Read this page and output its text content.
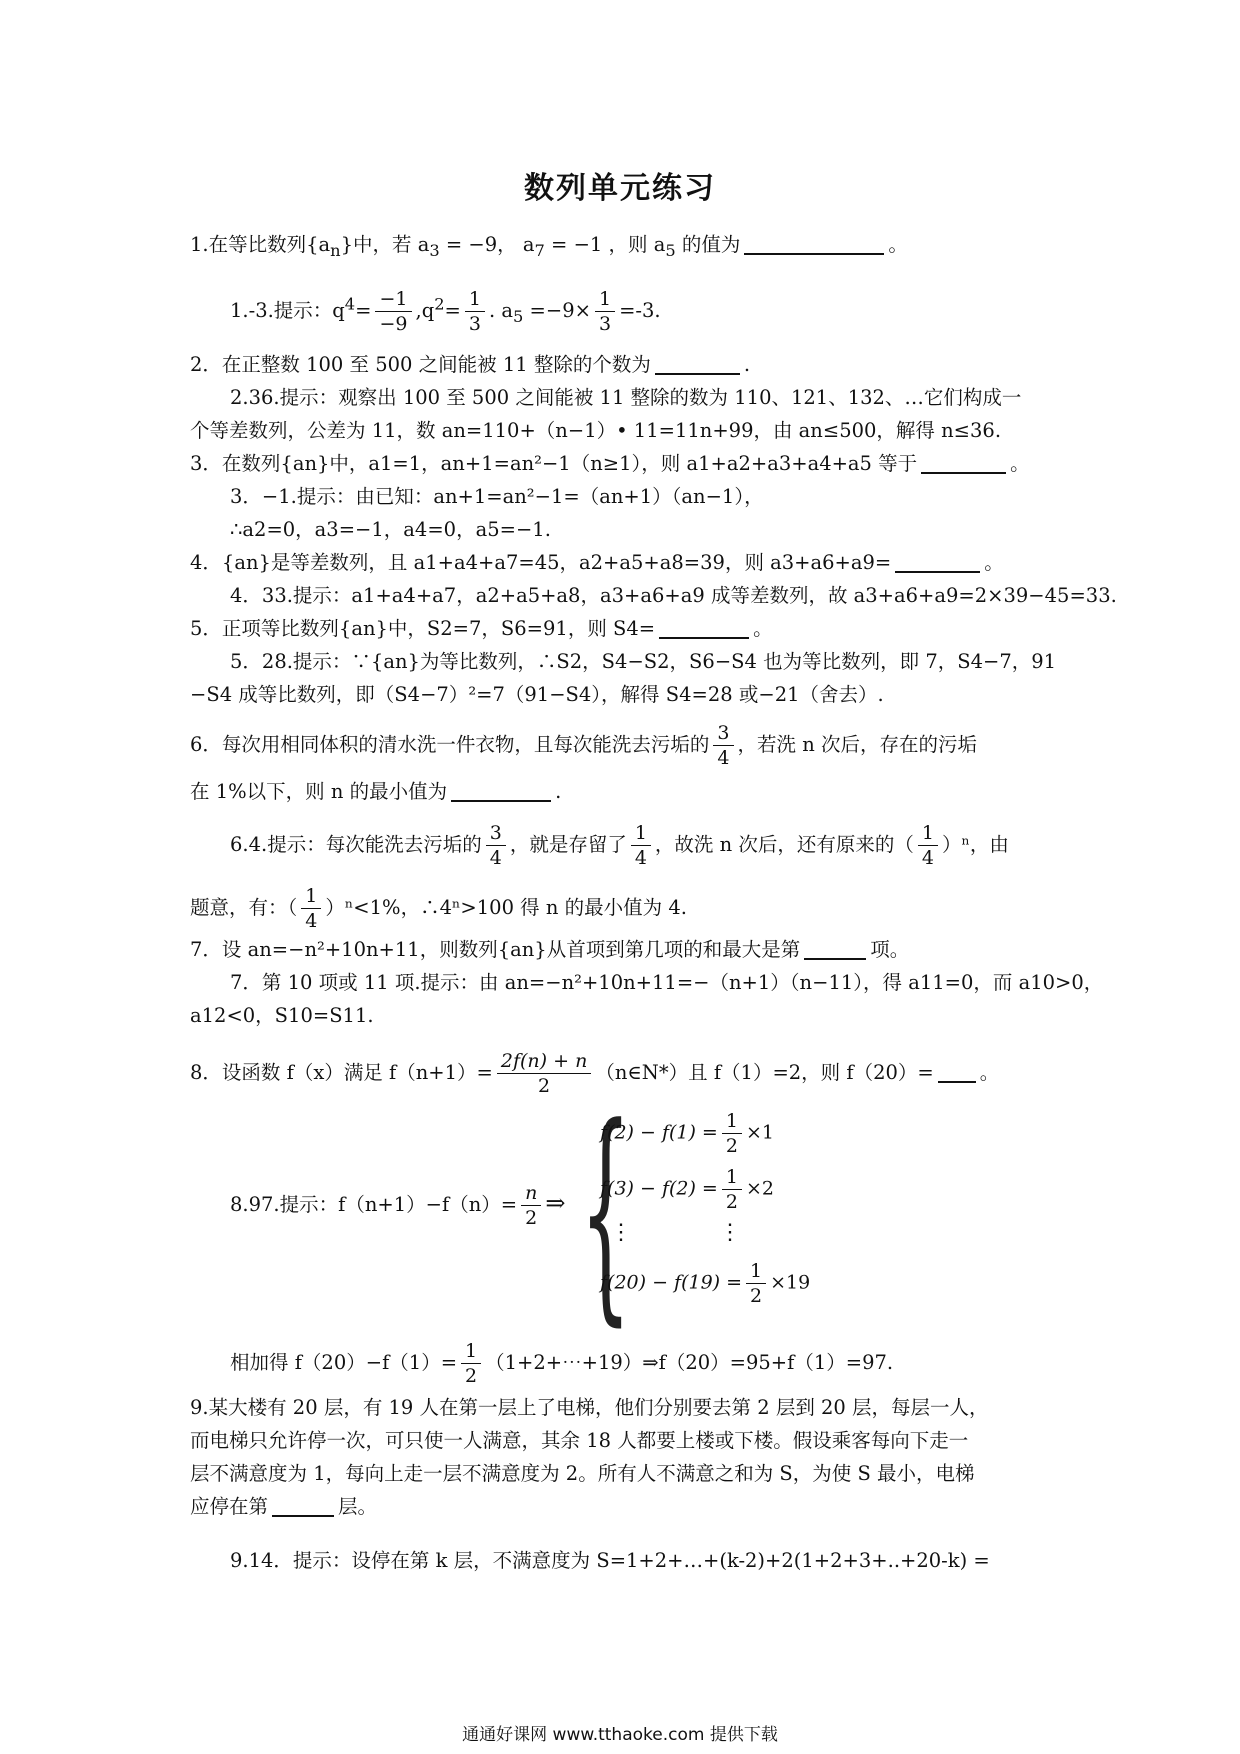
数列单元练习
1.在等比数列$\{a_n\}$中，若 $a_3 = -9$， $a_7 = -1$ ，则 $a_5$ 的值为	。
1.-3.提示：$q^4= \frac{-1}{-9} ,q^2= \frac{1}{3}$ . $a_5 =-9\times \frac{1}{3} =-3$.
2．在正整数 100 至 500 之间能被 11 整除的个数为	.
2.36.提示：观察出 100 至 500 之间能被 11 整除的数为 110、121、132、…它们构成一
个等差数列，公差为 11，数 an=110+（n−1）• 11=11n+99，由 an≤500，解得 n≤36.
3．在数列{an}中，a1=1，an+1=an²−1（n≥1），则 a1+a2+a3+a4+a5 等于	。
3．−1.提示：由已知：an+1=an²−1=（an+1）（an−1），
∴a2=0，a3=−1，a4=0，a5=−1.
4．{an}是等差数列，且 a1+a4+a7=45，a2+a5+a8=39，则 a3+a6+a9=	。
4．33.提示：a1+a4+a7，a2+a5+a8，a3+a6+a9 成等差数列，故 a3+a6+a9=2×39−45=33.
5．正项等比数列{an}中，S2=7，S6=91，则 S4=	。
5．28.提示：∵{an}为等比数列，∴S2，S4−S2，S6−S4 也为等比数列，即 7，S4−7，91
−S4 成等比数列，即（S4−7）²=7（91−S4），解得 S4=28 或−21（舍去）.
6．每次用相同体积的清水洗一件衣物，且每次能洗去污垢的 $\frac{3}{4}$ ，若洗 n 次后，存在的污垢
在 1%以下，则 n 的最小值为	.
6.4.提示：每次能洗去污垢的 $\frac{3}{4}$ ，就是存留了 $\frac{1}{4}$ ，故洗 n 次后，还有原来的（ $\frac{1}{4} )^n$，由
题意，有：（ $\frac{1}{4} )^n<1\%$，∴4ⁿ>100 得 n 的最小值为 4.
7．设 an=−n²+10n+11，则数列{an}从首项到第几项的和最大是第	项。
7．第 10 项或 11 项.提示：由 an=−n²+10n+11=−（n+1）（n−11），得 a11=0，而 a10>0，
a12<0，S10=S11.
8．设函数 f（x）满足 $f(n+1)= \frac{2f(n) + n}{2}$ （n∈N*）且 f（1）=2，则 f（20）= 。
8.97.提示：$f(n+1)-f(n)= \frac{n}{2}$ ⇒ {
$f(2) - f(1) = \frac{1}{2} \times 1$
$f(3) - f(2) = \frac{1}{2} \times 2$
⋮ ⋮
$f(20) - f(19) = \frac{1}{2} \times 19$
相加得 $f(20)-f(1)= \frac{1}{2}$ （1+2+⋯+19）⇒f（20）=95+f（1）=97.
9.某大楼有 20 层，有 19 人在第一层上了电梯，他们分别要去第 2 层到 20 层，每层一人，
而电梯只允许停一次，可只使一人满意，其余 18 人都要上楼或下楼。假设乘客每向下走一
层不满意度为 1，每向上走一层不满意度为 2。所有人不满意之和为 S，为使 S 最小，电梯
应停在第	层。
9.14．提示：设停在第 k 层，不满意度为 S=1+2+…+(k-2)+2(1+2+3+..+20-k) =
通通好课网 www.tthaoke.com 提供下载
